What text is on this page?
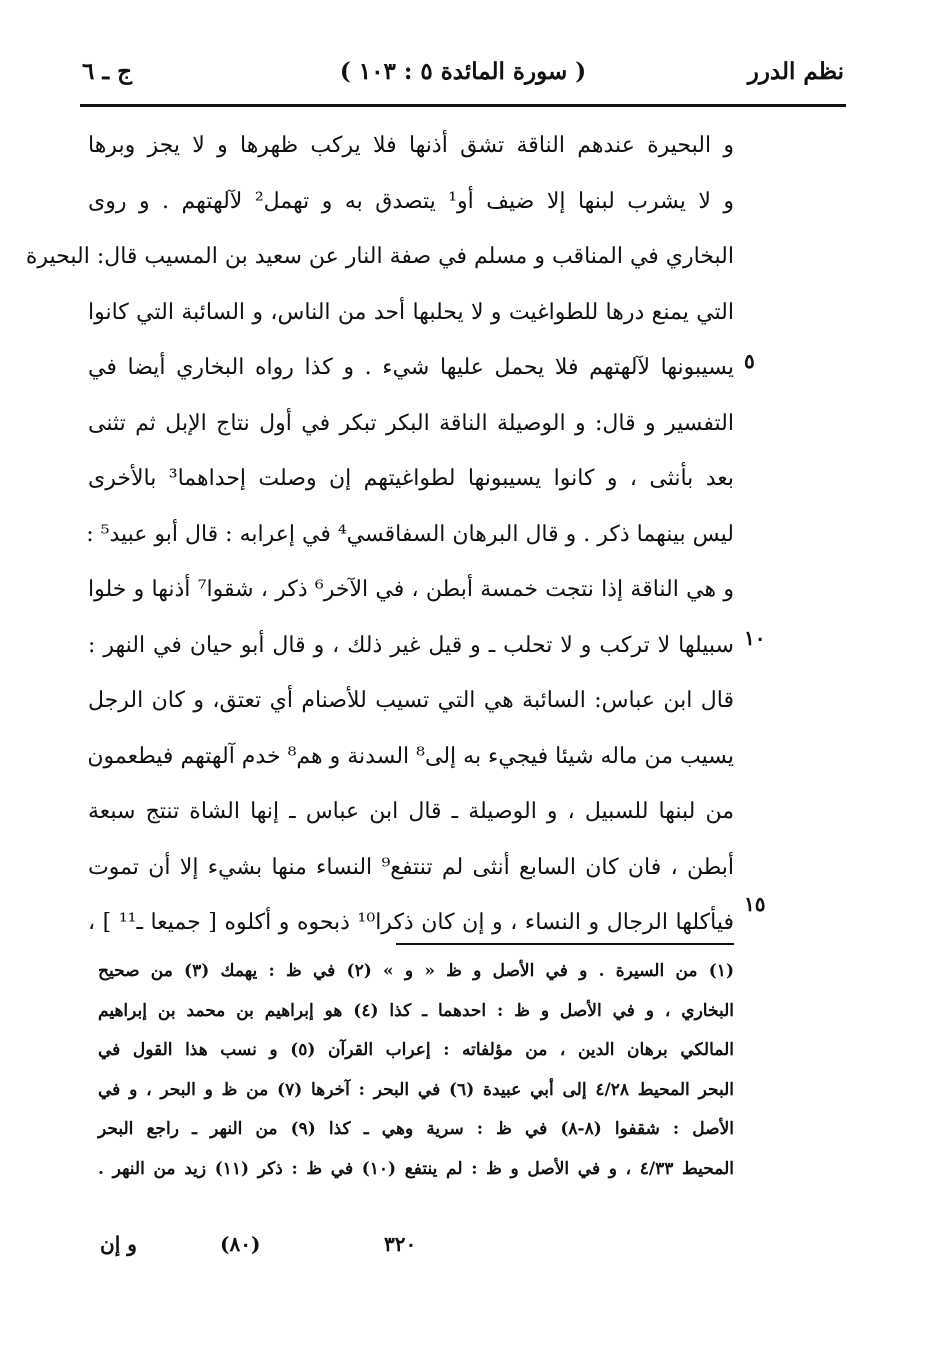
نظم الدرر
( سورة المائدة ٥ : ١٠٣ )
ج ـ ٦
و البحيرة عندهم الناقة تشق أذنها فلا يركب ظهرها و لا يجز وبرها
و لا يشرب لبنها إلا ضيف أو¹ يتصدق به و تهمل² لآلهتهم . و روى
البخاري في المناقب و مسلم في صفة النار عن سعيد بن المسيب قال: البحيرة
التي يمنع درها للطواغيت و لا يحلبها أحد من الناس، و السائبة التي كانوا
يسيبونها لآلهتهم فلا يحمل عليها شيء . و كذا رواه البخاري أيضا في
التفسير و قال: و الوصيلة الناقة البكر تبكر في أول نتاج الإبل ثم تثنى
بعد بأنثى ، و كانوا يسيبونها لطواغيتهم إن وصلت إحداهما³ بالأخرى
ليس بينهما ذكر . و قال البرهان السفاقسي⁴ في إعرابه : قال أبو عبيد⁵ :
و هي الناقة إذا نتجت خمسة أبطن ، في الآخر⁶ ذكر ، شقوا⁷ أذنها و خلوا
سبيلها لا تركب و لا تحلب ـ و قيل غير ذلك ، و قال أبو حيان في النهر :
قال ابن عباس: السائبة هي التي تسيب للأصنام أي تعتق، و كان الرجل
يسيب من ماله شيئا فيجيء به إلى⁸ السدنة و هم⁸ خدم آلهتهم فيطعمون
من لبنها للسبيل ، و الوصيلة ـ قال ابن عباس ـ إنها الشاة تنتج سبعة
أبطن ، فان كان السابع أنثى لم تنتفع⁹ النساء منها بشيء إلا أن تموت
فيأكلها الرجال و النساء ، و إن كان ذكرا¹⁰ ذبحوه و أكلوه [ جميعا ـ¹¹ ] ،
٥
١٠
١٥
(١) من السيرة . و في الأصل و ظ « و » (٢) في ظ : يهمك (٣) من صحيح
البخاري ، و في الأصل و ظ : احدهما ـ كذا (٤) هو إبراهيم بن محمد بن إبراهيم
المالكي برهان الدين ، من مؤلفاته : إعراب القرآن (٥) و نسب هذا القول في
البحر المحيط ٤/٢٨ إلى أبي عبيدة (٦) في البحر : آخرها (٧) من ظ و البحر ، و في
الأصل : شقفوا (٨-٨) في ظ : سرية وهي ـ كذا (٩) من النهر ـ راجع البحر
المحيط ٤/٣٣ ، و في الأصل و ظ : لم ينتفع (١٠) في ظ : ذكر (١١) زيد من النهر .
٣٢٠
(٨٠)
و إن
